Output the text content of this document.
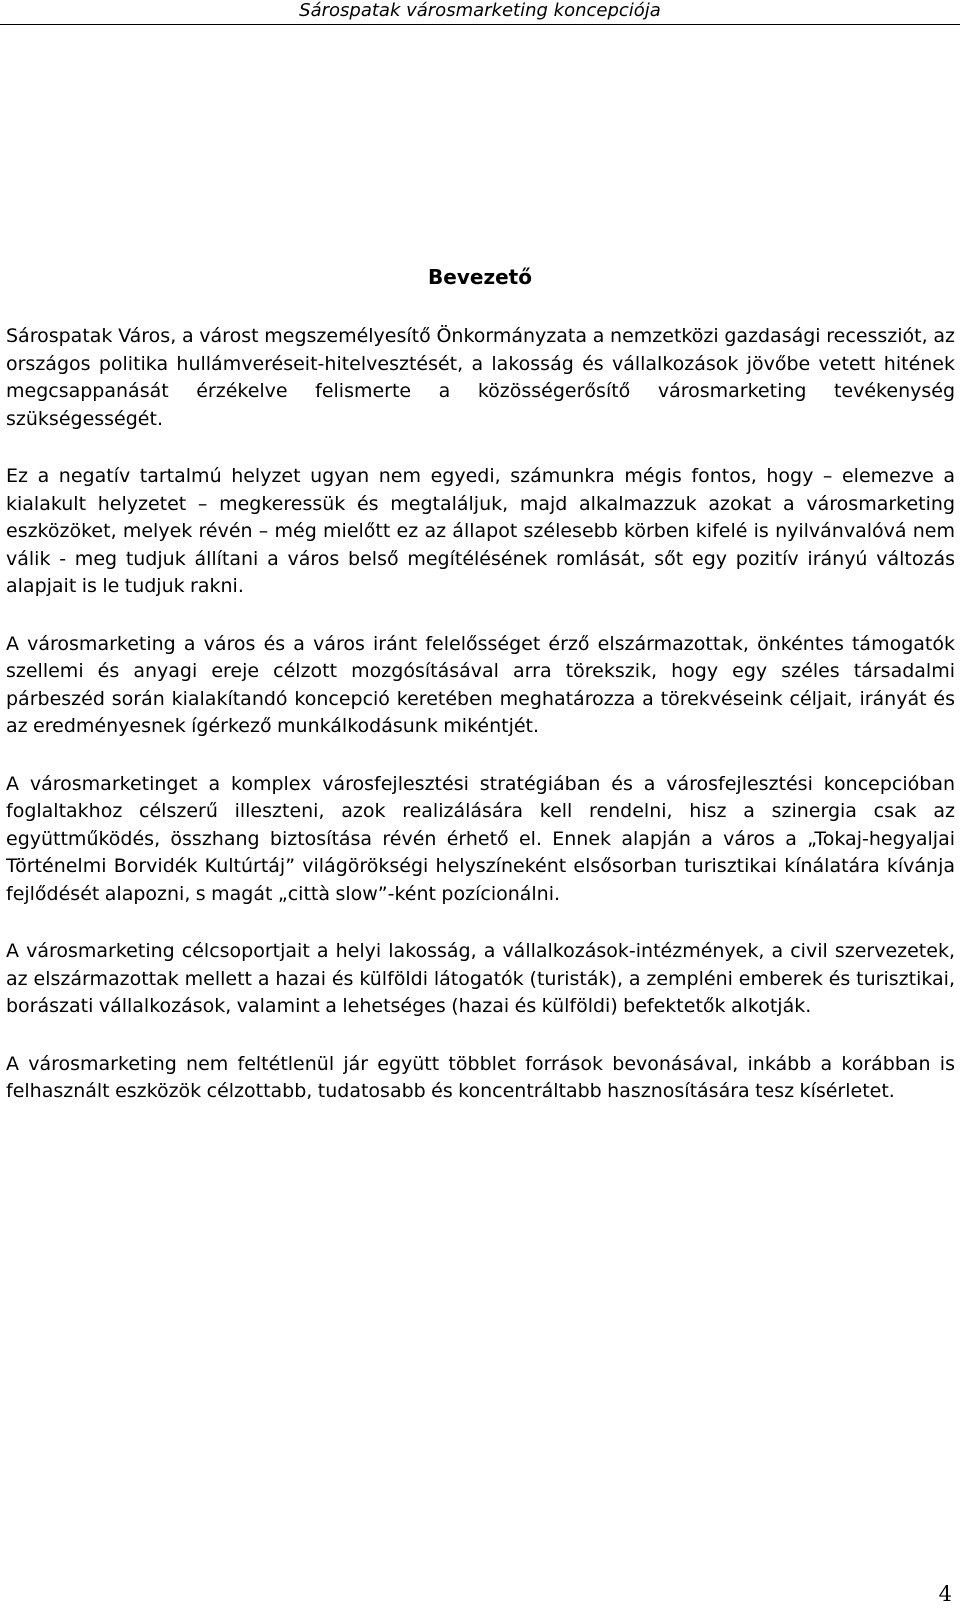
Sárospatak városmarketing koncepciója
Bevezető

Sárospatak Város, a várost megszemélyesítő Önkormányzata a nemzetközi gazdasági recessziót, az országos politika hullámveréseit-hitelvesztését, a lakosság és vállalkozások jövőbe vetett hitének megcsappanását érzékelve felismerte a közösségerősítő városmarketing tevékenység szükségességét.

Ez a negatív tartalmú helyzet ugyan nem egyedi, számunkra mégis fontos, hogy – elemezve a kialakult helyzetet – megkeressük és megtaláljuk, majd alkalmazzuk azokat a városmarketing eszközöket, melyek révén – még mielőtt ez az állapot szélesebb körben kifelé is nyilvánvalóvá nem válik - meg tudjuk állítani a város belső megítélésének romlását, sőt egy pozitív irányú változás alapjait is le tudjuk rakni.

A városmarketing a város és a város iránt felelősséget érző elszármazottak, önkéntes támogatók szellemi és anyagi ereje célzott mozgósításával arra törekszik, hogy egy széles társadalmi párbeszéd során kialakítandó koncepció keretében meghatározza a törekvéseink céljait, irányát és az eredményesnek ígérkező munkálkodásunk mikéntjét.

A városmarketinget a komplex városfejlesztési stratégiában és a városfejlesztési koncepcióban foglaltakhoz célszerű illeszteni, azok realizálására kell rendelni, hisz a szinergia csak az együttműködés, összhang biztosítása révén érhető el. Ennek alapján a város a „Tokaj-hegyaljai Történelmi Borvidék Kultúrtáj” világörökségi helyszíneként elsősorban turisztikai kínálatára kívánja fejlődését alapozni, s magát „città slow”-ként pozícionálni.

A városmarketing célcsoportjait a helyi lakosság, a vállalkozások-intézmények, a civil szervezetek, az elszármazottak mellett a hazai és külföldi látogatók (turisták), a zempléni emberek és turisztikai, borászati vállalkozások, valamint a lehetséges (hazai és külföldi) befektetők alkotják.

A városmarketing nem feltétlenül jár együtt többlet források bevonásával, inkább a korábban is felhasznált eszközök célzottabb, tudatosabb és koncentráltabb hasznosítására tesz kísérletet.

4
